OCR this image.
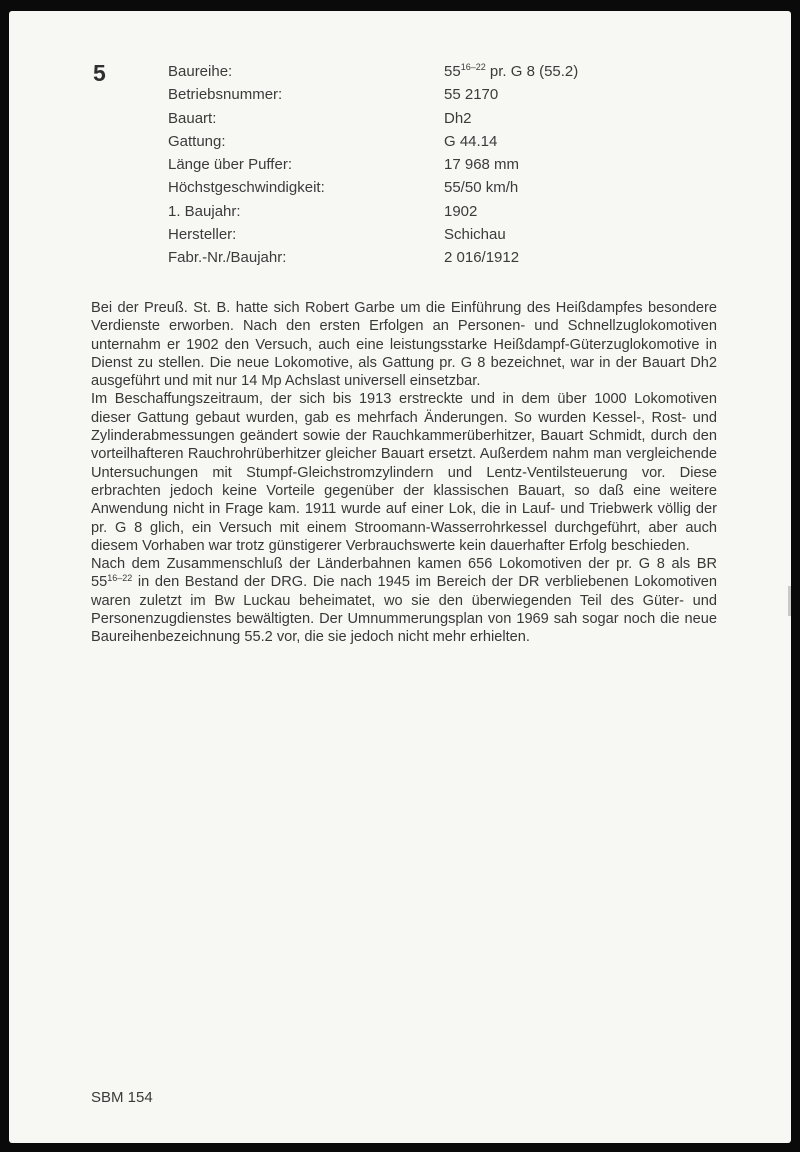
5	Baureihe:	55$^{16-22}$ pr. G 8 (55.2)
Betriebsnummer:	55 2170
Bauart:	Dh2
Gattung:	G 44.14
Länge über Puffer:	17 968 mm
Höchstgeschwindigkeit:	55/50 km/h
1. Baujahr:	1902
Hersteller:	Schichau
Fabr.-Nr./Baujahr:	2 016/1912

Bei der Preuß. St. B. hatte sich Robert Garbe um die Einführung des Heißdampfes besondere Verdienste erworben. Nach den ersten Erfolgen an Personen- und Schnellzuglokomotiven unternahm er 1902 den Versuch, auch eine leistungsstarke Heißdampf-Güterzuglokomotive in Dienst zu stellen. Die neue Lokomotive, als Gattung pr. G 8 bezeichnet, war in der Bauart Dh2 ausgeführt und mit nur 14 Mp Achslast universell einsetzbar.

Im Beschaffungszeitraum, der sich bis 1913 erstreckte und in dem über 1000 Lokomotiven dieser Gattung gebaut wurden, gab es mehrfach Änderungen. So wurden Kessel-, Rost- und Zylinderabmessungen geändert sowie der Rauchkammerüberhitzer, Bauart Schmidt, durch den vorteilhafteren Rauchrohrüberhitzer gleicher Bauart ersetzt. Außerdem nahm man vergleichende Untersuchungen mit Stumpf-Gleichstromzylindern und Lentz-Ventilsteuerung vor. Diese erbrachten jedoch keine Vorteile gegenüber der klassischen Bauart, so daß eine weitere Anwendung nicht in Frage kam. 1911 wurde auf einer Lok, die in Lauf- und Triebwerk völlig der pr. G 8 glich, ein Versuch mit einem Stroomann-Wasserrohrkessel durchgeführt, aber auch diesem Vorhaben war trotz günstigerer Verbrauchswerte kein dauerhafter Erfolg beschieden.

Nach dem Zusammenschluß der Länderbahnen kamen 656 Lokomotiven der pr. G 8 als BR 55$^{16-22}$ in den Bestand der DRG. Die nach 1945 im Bereich der DR verbliebenen Lokomotiven waren zuletzt im Bw Luckau beheimatet, wo sie den überwiegenden Teil des Güter- und Personenzugdienstes bewältigten. Der Umnummerungsplan von 1969 sah sogar noch die neue Baureihenbezeichnung 55.2 vor, die sie jedoch nicht mehr erhielten.

SBM 154
